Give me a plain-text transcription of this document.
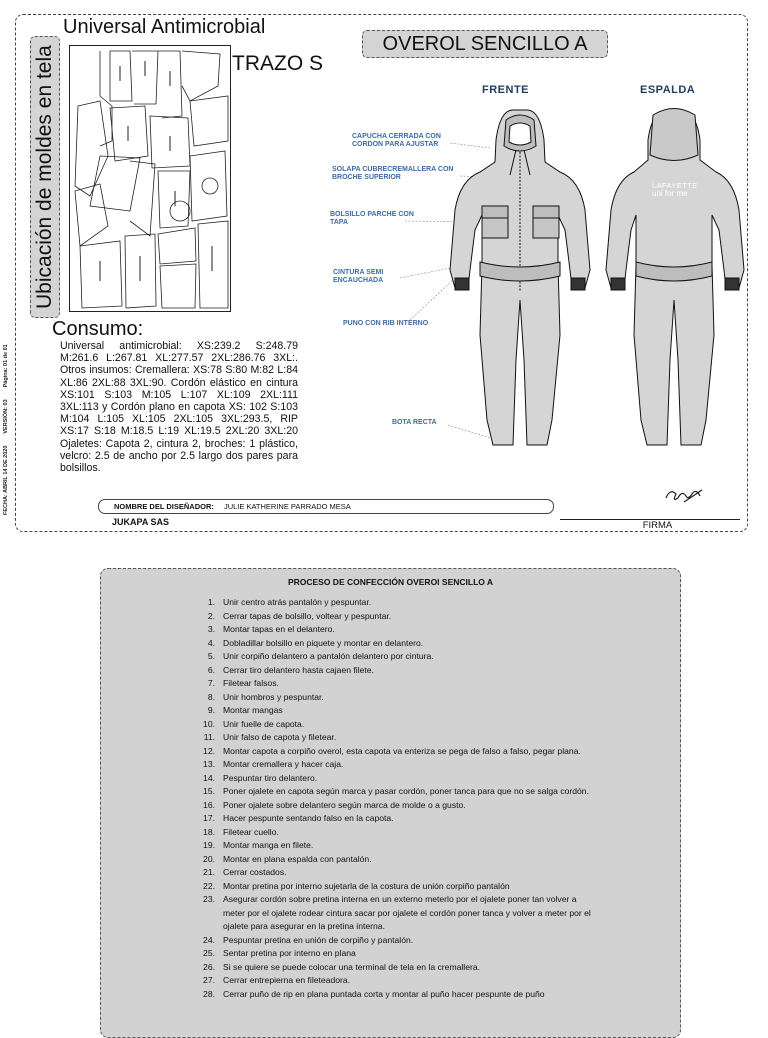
Ubicación de moldes en tela
FECHA: ABRIL 14 DE 2020
VERSIÓN: 03
Página: 01 de 01
Universal Antimicrobial
TRAZO S
OVEROL SENCILLO A
FRENTE	ESPALDA
CAPUCHA CERRADA CON CORDON PARA AJUSTAR
SOLAPA CUBRECREMALLERA CON BROCHE SUPERIOR
BOLSILLO PARCHE CON TAPA
CINTURA SEMI ENCAUCHADA
PUNO CON RIB INTERNO
BOTA RECTA
LAFAYETTE
uni for me
Consumo:
Universal antimicrobial: XS:239.2 S:248.79 M:261.6 L:267.81 XL:277.57 2XL:286.76 3XL:. Otros insumos: Cremallera: XS:78 S:80 M:82 L:84 XL:86 2XL:88 3XL:90. Cordón elástico en cintura XS:101 S:103 M:105 L:107 XL:109 2XL:111 3XL:113 y Cordón plano en capota XS: 102 S:103 M:104 L:105 XL:105 2XL:105 3XL:293.5, RIP XS:17 S:18 M:18.5 L:19 XL:19.5 2XL:20 3XL:20 Ojaletes: Capota 2, cintura 2, broches: 1 plástico, velcro: 2.5 de ancho por 2.5 largo dos pares para bolsillos.
NOMBRE DEL DISEÑADOR: JULIE KATHERINE PARRADO MESA
JUKAPA SAS	FIRMA
PROCESO DE CONFECCIÓN OVEROl SENCILLO A
1. Unir centro atrás pantalón y pespuntar.
2. Cerrar tapas de bolsillo, voltear y pespuntar.
3. Montar tapas en el delantero.
4. Dobladillar bolsillo en piquete y montar en delantero.
5. Unir corpiño delantero a pantalón delantero por cintura.
6. Cerrar tiro delantero hasta cajaen filete.
7. Filetear falsos.
8. Unir hombros y pespuntar.
9. Montar mangas
10. Unir fuelle de capota.
11. Unir falso de capota y filetear.
12. Montar capota a corpiño overol, esta capota va enteriza se pega de falso a falso, pegar plana.
13. Montar cremallera y hacer caja.
14. Pespuntar tiro delantero.
15. Poner ojalete en capota según marca y pasar cordón, poner tanca para que no se salga cordón.
16. Poner ojalete sobre delantero según marca de molde o a gusto.
17. Hacer pespunte sentando falso en la capota.
18. Filetear cuello.
19. Montar manga en filete.
20. Montar en plana espalda con pantalón.
21. Cerrar costados.
22. Montar pretina por interno sujetarla de la costura de unión corpiño pantalón
23. Asegurar cordón sobre pretina interna en un externo meterlo por el ojalete poner tan volver a meter por el ojalete rodear cintura sacar por ojalete el cordón poner tanca y volver a meter por el ojalete para asegurar en la pretina interna.
24. Pespuntar pretina en unión de corpiño y pantalón.
25. Sentar pretina por interno en plana
26. Si se quiere se puede colocar una terminal de tela en la cremallera.
27. Cerrar entrepierna en fileteadora.
28. Cerrar puño de rip en plana puntada corta y montar al puño hacer pespunte de puño
